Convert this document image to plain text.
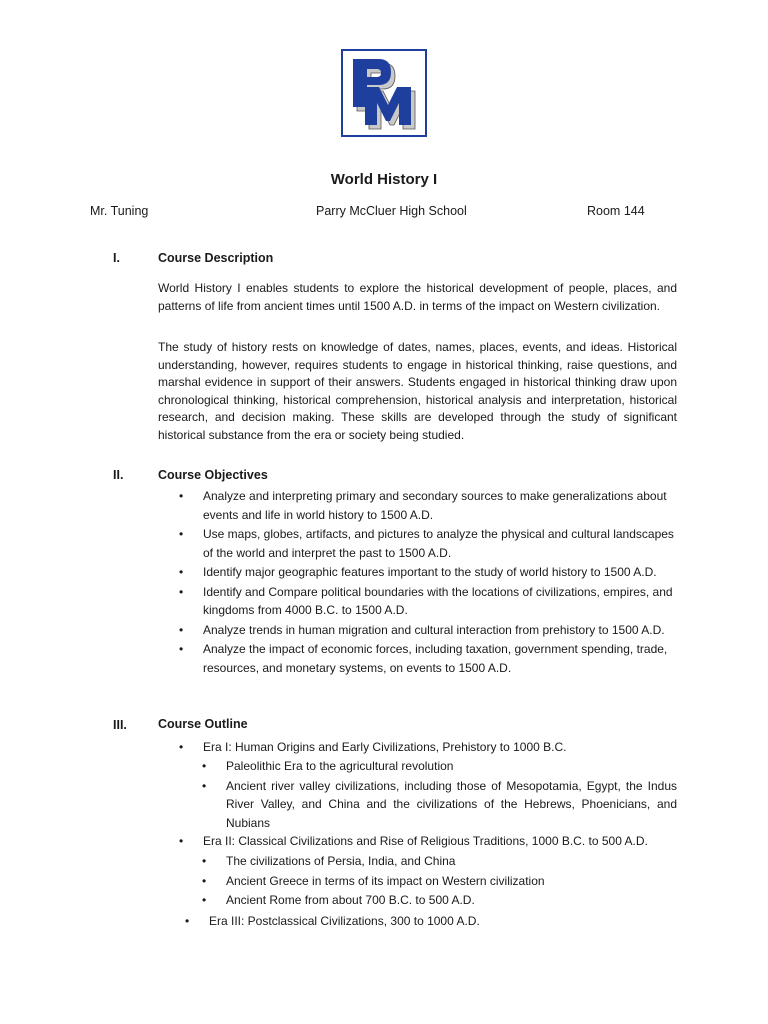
World History I
Mr. Tuning	Parry McCluer High School	Room 144
I.	Course Description
World History I enables students to explore the historical development of people, places, and patterns of life from ancient times until 1500 A.D. in terms of the impact on Western civilization.
The study of history rests on knowledge of dates, names, places, events, and ideas. Historical understanding, however, requires students to engage in historical thinking, raise questions, and marshal evidence in support of their answers. Students engaged in historical thinking draw upon chronological thinking, historical comprehension, historical analysis and interpretation, historical research, and decision making. These skills are developed through the study of significant historical substance from the era or society being studied.
II.	Course Objectives
• Analyze and interpreting primary and secondary sources to make generalizations about events and life in world history to 1500 A.D.
• Use maps, globes, artifacts, and pictures to analyze the physical and cultural landscapes of the world and interpret the past to 1500 A.D.
• Identify major geographic features important to the study of world history to 1500 A.D.
• Identify and Compare political boundaries with the locations of civilizations, empires, and kingdoms from 4000 B.C. to 1500 A.D.
• Analyze trends in human migration and cultural interaction from prehistory to 1500 A.D.
• Analyze the impact of economic forces, including taxation, government spending, trade, resources, and monetary systems, on events to 1500 A.D.
III. Course Outline
• Era I: Human Origins and Early Civilizations, Prehistory to 1000 B.C.
• Paleolithic Era to the agricultural revolution
• Ancient river valley civilizations, including those of Mesopotamia, Egypt, the Indus River Valley, and China and the civilizations of the Hebrews, Phoenicians, and Nubians
• Era II: Classical Civilizations and Rise of Religious Traditions, 1000 B.C. to 500 A.D.
• The civilizations of Persia, India, and China
• Ancient Greece in terms of its impact on Western civilization
• Ancient Rome from about 700 B.C. to 500 A.D.
• Era III: Postclassical Civilizations, 300 to 1000 A.D.
